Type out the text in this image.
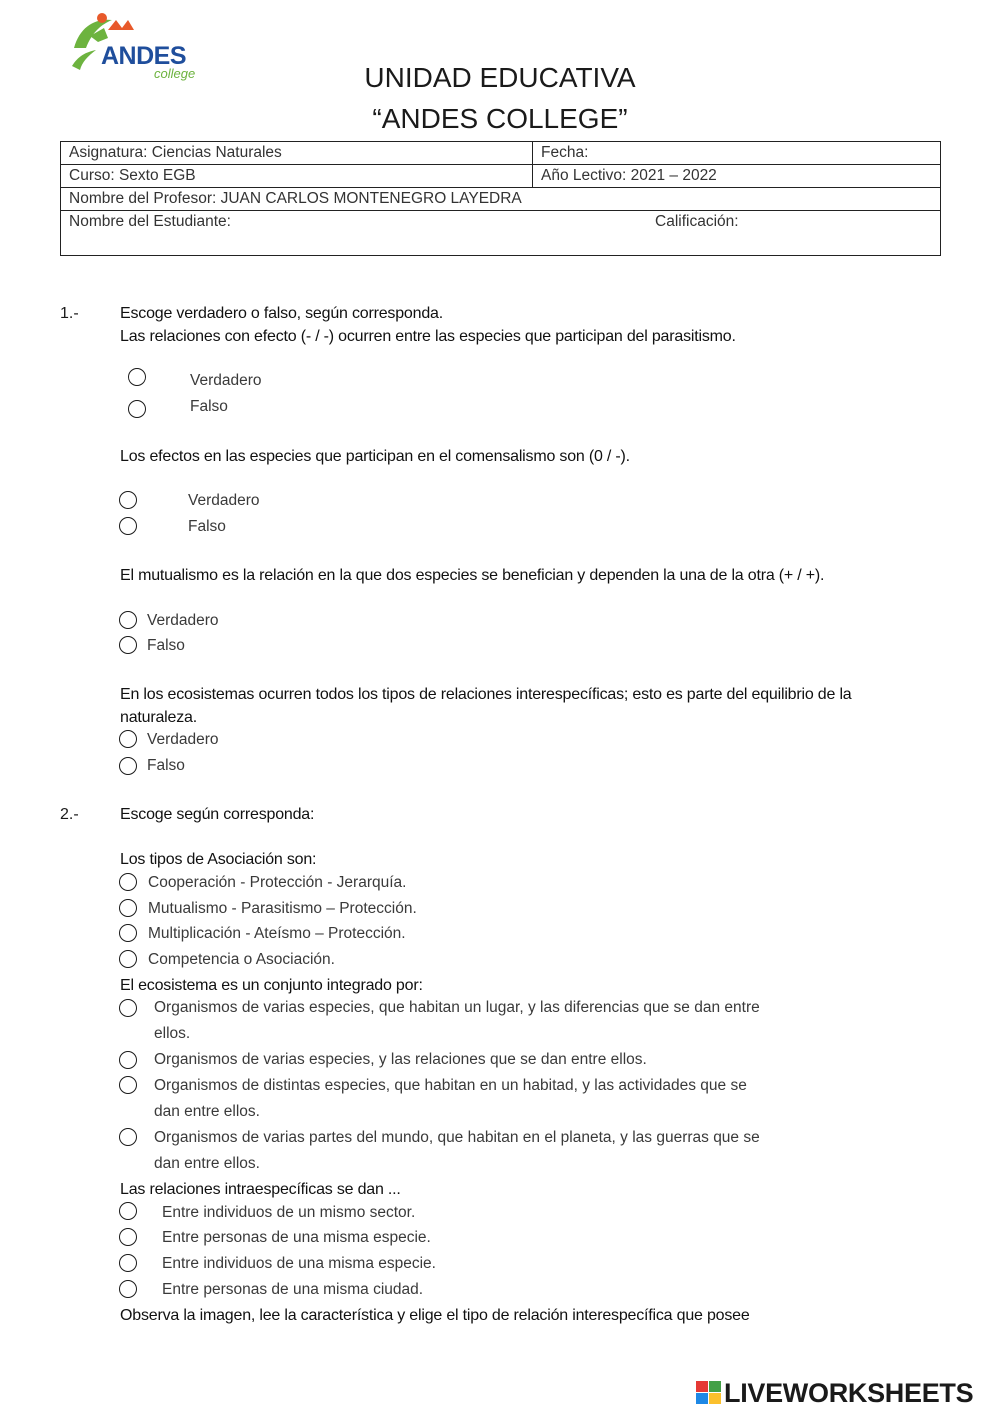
ANDES
college	UNIDAD EDUCATIVA
“ANDES COLLEGE”
Asignatura: Ciencias Naturales	Fecha:
Curso: Sexto EGB	Año Lectivo: 2021 – 2022
Nombre del Profesor: JUAN CARLOS MONTENEGRO LAYEDRA	
Nombre del Estudiante: Calificación:	
1.-	Escoge verdadero o falso, según corresponda.
Las relaciones con efecto (- / -) ocurren entre las especies que participan del parasitismo.
Verdadero
Falso
Los efectos en las especies que participan en el comensalismo son (0 / -).
Verdadero
Falso
El mutualismo es la relación en la que dos especies se benefician y dependen la una de la otra (+ / +).
Verdadero
Falso
En los ecosistemas ocurren todos los tipos de relaciones interespecíficas; esto es parte del equilibrio de la
naturaleza.
Verdadero
Falso
2.-	Escoge según corresponda:
Los tipos de Asociación son:
Cooperación - Protección - Jerarquía.
Mutualismo - Parasitismo – Protección.
Multiplicación - Ateísmo – Protección.
Competencia o Asociación.
El ecosistema es un conjunto integrado por:
Organismos de varias especies, que habitan un lugar, y las diferencias que se dan entre
ellos.
Organismos de varias especies, y las relaciones que se dan entre ellos.
Organismos de distintas especies, que habitan en un habitad, y las actividades que se
dan entre ellos.
Organismos de varias partes del mundo, que habitan en el planeta, y las guerras que se
dan entre ellos.
Las relaciones intraespecíficas se dan ...
Entre individuos de un mismo sector.
Entre personas de una misma especie.
Entre individuos de una misma especie.
Entre personas de una misma ciudad.
Observa la imagen, lee la característica y elige el tipo de relación interespecífica que posee
LIVEWORKSHEETS
